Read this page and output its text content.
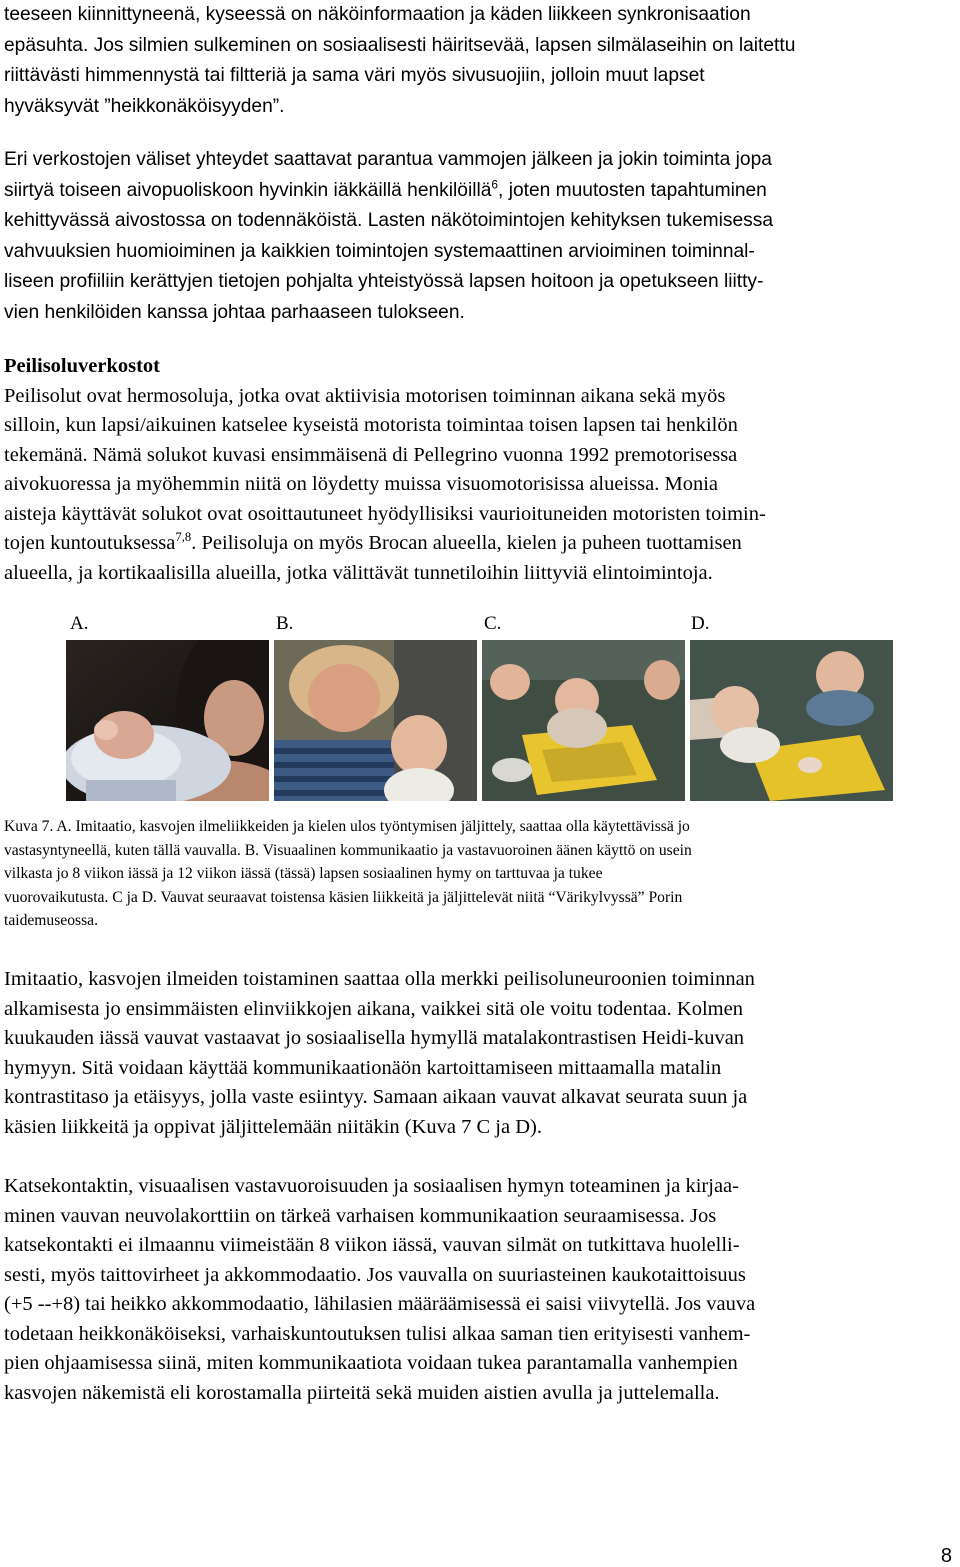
teeseen kiinnittyneenä, kyseessä on näköinformaation ja käden liikkeen synkronisaation
epäsuhta. Jos silmien sulkeminen on sosiaalisesti häiritsevää, lapsen silmälaseihin on laitettu
riittävästi himmennystä tai filtteriä ja sama väri myös sivusuojiin, jolloin muut lapset
hyväksyvät ”heikkonäköisyyden”.
Eri verkostojen väliset yhteydet saattavat parantua vammojen jälkeen ja jokin toiminta jopa
siirtyä toiseen aivopuoliskoon hyvinkin iäkkäillä henkilöillä$^6$, joten muutosten tapahtuminen
kehittyvässä aivostossa on todennäköistä. Lasten näkötoimintojen kehityksen tukemisessa
vahvuuksien huomioiminen ja kaikkien toimintojen systemaattinen arvioiminen toiminnal-
liseen profiiliin kerättyjen tietojen pohjalta yhteistyössä lapsen hoitoon ja opetukseen liitty-
vien henkilöiden kanssa johtaa parhaaseen tulokseen.
Peilisoluverkostot
Peilisolut ovat hermosoluja, jotka ovat aktiivisia motorisen toiminnan aikana sekä myös
silloin, kun lapsi/aikuinen katselee kyseistä motorista toimintaa toisen lapsen tai henkilön
tekemänä. Nämä solukot kuvasi ensimmäisenä di Pellegrino vuonna 1992 premotorisessa
aivokuoressa ja myöhemmin niitä on löydetty muissa visuomotorisissa alueissa. Monia
aisteja käyttävät solukot ovat osoittautuneet hyödyllisiksi vaurioituneiden motoristen toimin-
tojen kuntoutuksessa$^{7,8}$. Peilisoluja on myös Brocan alueella, kielen ja puheen tuottamisen
alueella, ja kortikaalisilla alueilla, jotka välittävät tunnetiloihin liittyviä elintoimintoja.
A.	B.	C.	D.
Kuva 7. A. Imitaatio, kasvojen ilmeliikkeiden ja kielen ulos työntymisen jäljittely, saattaa olla käytettävissä jo
vastasyntyneellä, kuten tällä vauvalla. B. Visuaalinen kommunikaatio ja vastavuoroinen äänen käyttö on usein
vilkasta jo 8 viikon iässä ja 12 viikon iässä (tässä) lapsen sosiaalinen hymy on tarttuvaa ja tukee
vuorovaikutusta. C ja D. Vauvat seuraavat toistensa käsien liikkeitä ja jäljittelevät niitä “Värikylvyssä” Porin
taidemuseossa.
Imitaatio, kasvojen ilmeiden toistaminen saattaa olla merkki peilisoluneuroonien toiminnan
alkamisesta jo ensimmäisten elinviikkojen aikana, vaikkei sitä ole voitu todentaa. Kolmen
kuukauden iässä vauvat vastaavat jo sosiaalisella hymyllä matalakontrastisen Heidi-kuvan
hymyyn. Sitä voidaan käyttää kommunikaationäön kartoittamiseen mittaamalla matalin
kontrastitaso ja etäisyys, jolla vaste esiintyy. Samaan aikaan vauvat alkavat seurata suun ja
käsien liikkeitä ja oppivat jäljittelemään niitäkin (Kuva 7 C ja D).
Katsekontaktin, visuaalisen vastavuoroisuuden ja sosiaalisen hymyn toteaminen ja kirjaa-
minen vauvan neuvolakorttiin on tärkeä varhaisen kommunikaation seuraamisessa. Jos
katsekontakti ei ilmaannu viimeistään 8 viikon iässä, vauvan silmät on tutkittava huolelli-
sesti, myös taittovirheet ja akkommodaatio. Jos vauvalla on suuriasteinen kaukotaittoisuus
(+5 --+8) tai heikko akkommodaatio, lähilasien määräämisessä ei saisi viivytellä. Jos vauva
todetaan heikkonäköiseksi, varhaiskuntoutuksen tulisi alkaa saman tien erityisesti vanhem-
pien ohjaamisessa siinä, miten kommunikaatiota voidaan tukea parantamalla vanhempien
kasvojen näkemistä eli korostamalla piirteitä sekä muiden aistien avulla ja juttelemalla.
8
